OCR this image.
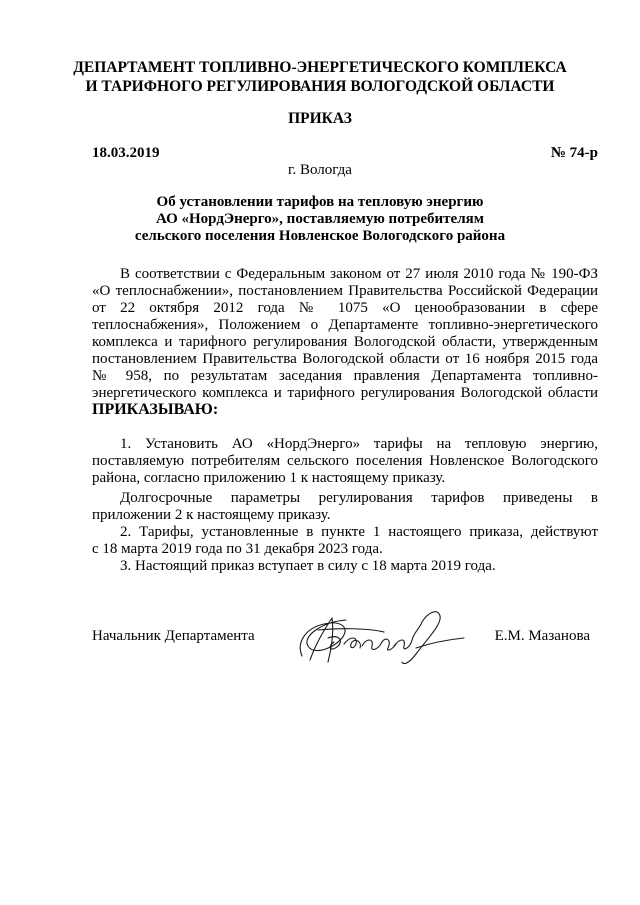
ДЕПАРТАМЕНТ ТОПЛИВНО-ЭНЕРГЕТИЧЕСКОГО КОМПЛЕКСА
И ТАРИФНОГО РЕГУЛИРОВАНИЯ ВОЛОГОДСКОЙ ОБЛАСТИ
ПРИКАЗ
18.03.2019	№ 74-р
г. Вологда
Об установлении тарифов на тепловую энергию
АО «НордЭнерго», поставляемую потребителям
сельского поселения Новленское Вологодского района
В соответствии с Федеральным законом от 27 июля 2010 года № 190-ФЗ
«О теплоснабжении», постановлением Правительства Российской Федерации
от 22 октября 2012 года № 1075 «О ценообразовании в сфере
теплоснабжения», Положением о Департаменте топливно-энергетического
комплекса и тарифного регулирования Вологодской области, утвержденным
постановлением Правительства Вологодской области от 16 ноября 2015 года
№ 958, по результатам заседания правления Департамента топливно-
энергетического комплекса и тарифного регулирования Вологодской области
ПРИКАЗЫВАЮ:
1. Установить АО «НордЭнерго» тарифы на тепловую энергию,
поставляемую потребителям сельского поселения Новленское Вологодского
района, согласно приложению 1 к настоящему приказу.
Долгосрочные параметры регулирования тарифов приведены в
приложении 2 к настоящему приказу.
2. Тарифы, установленные в пункте 1 настоящего приказа, действуют
с 18 марта 2019 года по 31 декабря 2023 года.
3. Настоящий приказ вступает в силу с 18 марта 2019 года.
Начальник Департамента	Е.М. Мазанова
